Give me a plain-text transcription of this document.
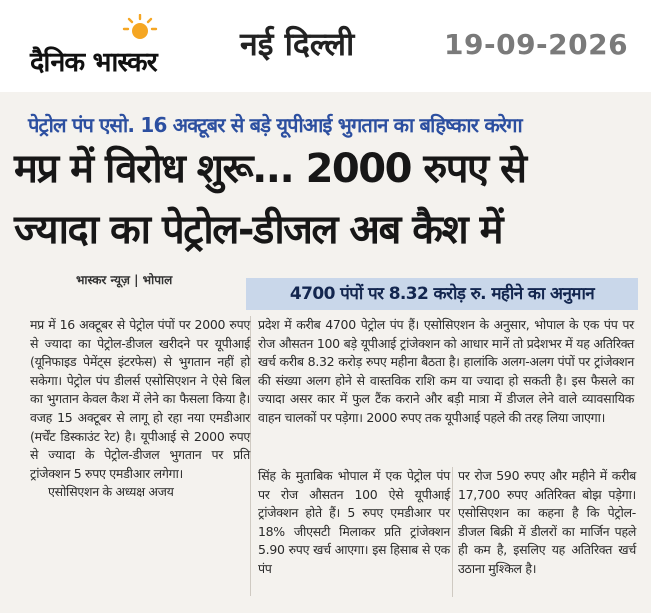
दैनिक भास्कर	नई दिल्ली	19-09-2026
पेट्रोल पंप एसो. 16 अक्टूबर से बड़े यूपीआई भुगतान का बहिष्कार करेगा
मप्र में विरोध शुरू... 2000 रुपए से
ज्यादा का पेट्रोल-डीजल अब कैश में
भास्कर न्यूज़ | भोपाल
4700 पंपों पर 8.32 करोड़ रु. महीने का अनुमान

मप्र में 16 अक्टूबर से पेट्रोल पंपों पर 2000 रुपए से ज्यादा का पेट्रोल-डीजल खरीदने पर यूपीआई (यूनिफाइड पेमेंट्स इंटरफेस) से भुगतान नहीं हो सकेगा। पेट्रोल पंप डीलर्स एसोसिएशन ने ऐसे बिल का भुगतान केवल कैश में लेने का फैसला किया है। वजह 15 अक्टूबर से लागू हो रहा नया एमडीआर (मर्चेंट डिस्काउंट रेट) है। यूपीआई से 2000 रुपए से ज्यादा के पेट्रोल-डीजल भुगतान पर प्रति ट्रांजेक्शन 5 रुपए एमडीआर लगेगा।

एसोसिएशन के अध्यक्ष अजय

प्रदेश में करीब 4700 पेट्रोल पंप हैं। एसोसिएशन के अनुसार, भोपाल के एक पंप पर रोज औसतन 100 बड़े यूपीआई ट्रांजेक्शन को आधार मानें तो प्रदेशभर में यह अतिरिक्त खर्च करीब 8.32 करोड़ रुपए महीना बैठता है। हालांकि अलग-अलग पंपों पर ट्रांजेक्शन की संख्या अलग होने से वास्तविक राशि कम या ज्यादा हो सकती है। इस फैसले का ज्यादा असर कार में फुल टैंक कराने और बड़ी मात्रा में डीजल लेने वाले व्यावसायिक वाहन चालकों पर पड़ेगा। 2000 रुपए तक यूपीआई पहले की तरह लिया जाएगा।

सिंह के मुताबिक भोपाल में एक पेट्रोल पंप पर रोज औसतन 100 ऐसे यूपीआई ट्रांजेक्शन होते हैं। 5 रुपए एमडीआर पर 18% जीएसटी मिलाकर प्रति ट्रांजेक्शन 5.90 रुपए खर्च आएगा। इस हिसाब से एक पंप

पर रोज 590 रुपए और महीने में करीब 17,700 रुपए अतिरिक्त बोझ पड़ेगा। एसोसिएशन का कहना है कि पेट्रोल-डीजल बिक्री में डीलरों का मार्जिन पहले ही कम है, इसलिए यह अतिरिक्त खर्च उठाना मुश्किल है।
